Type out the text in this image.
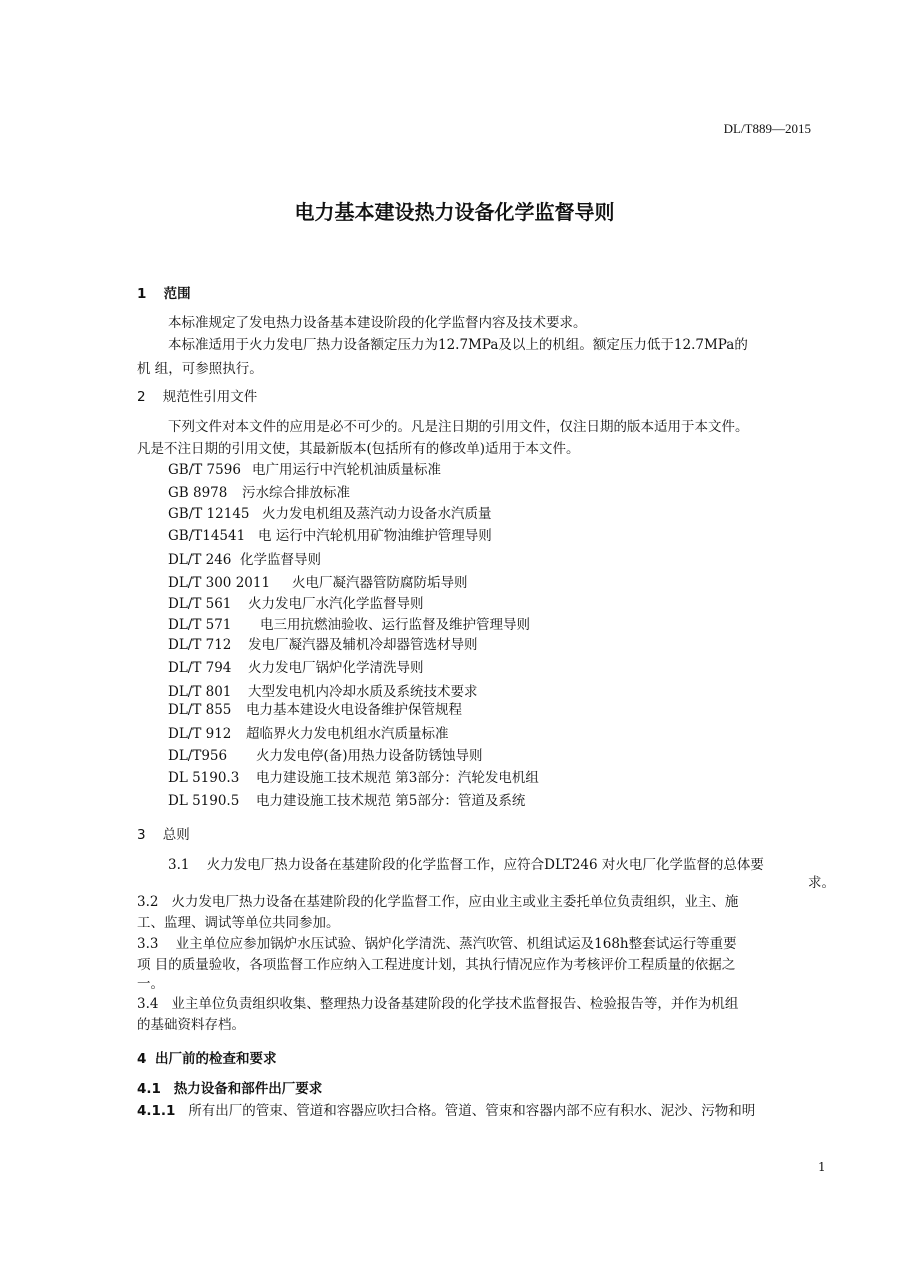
DL/T889—2015
电力基本建设热力设备化学监督导则
1 范围
本标准规定了发电热力设备基本建设阶段的化学监督内容及技术要求。
本标准适用于火力发电厂热力设备额定压力为12.7MPa及以上的机组。额定压力低于12.7MPa的
机 组，可参照执行。
2 规范性引用文件
下列文件对本文件的应用是必不可少的。凡是注日期的引用文件，仅注日期的版本适用于本文件。
凡是不注日期的引用文使，其最新版本(包括所有的修改单)适用于本文件。
GB/T 7596 电广用运行中汽轮机油质量标准
GB 8978 污水综合排放标准
GB/T 12145 火力发电机组及蒸汽动力设备水汽质量
GB/T14541 电 运行中汽轮机用矿物油维护管理导则
DL/T 246 化学监督导则
DL/T 300 2011 火电厂凝汽器管防腐防垢导则
DL/T 561 火力发电厂水汽化学监督导则
DL/T 571 电三用抗燃油验收、运行监督及维护管理导则
DL/T 712 发电厂凝汽器及辅机冷却器管选材导则
DL/T 794 火力发电厂锅炉化学清洗导则
DL/T 801 大型发电机内冷却水质及系统技术要求
DL/T 855 电力基本建设火电设备维护保管规程
DL/T 912 超临界火力发电机组水汽质量标准
DL/T956 火力发电停(备)用热力设备防锈蚀导则
DL 5190.3 电力建设施工技术规范 第3部分：汽轮发电机组
DL 5190.5 电力建设施工技术规范 第5部分：管道及系统
3 总则
3.1 火力发电厂热力设备在基建阶段的化学监督工作，应符合DLT246 对火电厂化学监督的总体要
求。
3.2 火力发电厂热力设备在基建阶段的化学监督工作，应由业主或业主委托单位负责组织，业主、施
工、监理、调试等单位共同参加。
3.3 业主单位应参加锅炉水压试验、锅炉化学清洗、蒸汽吹管、机组试运及168h整套试运行等重要
项 目的质量验收，各项监督工作应纳入工程进度计划，其执行情况应作为考核评价工程质量的依据之
一。
3.4 业主单位负责组织收集、整理热力设备基建阶段的化学技术监督报告、检验报告等，并作为机组
的基础资料存档。
4 出厂前的检查和要求
4.1 热力设备和部件出厂要求
4.1.1 所有出厂的管束、管道和容器应吹扫合格。管道、管束和容器内部不应有积水、泥沙、污物和明
1
